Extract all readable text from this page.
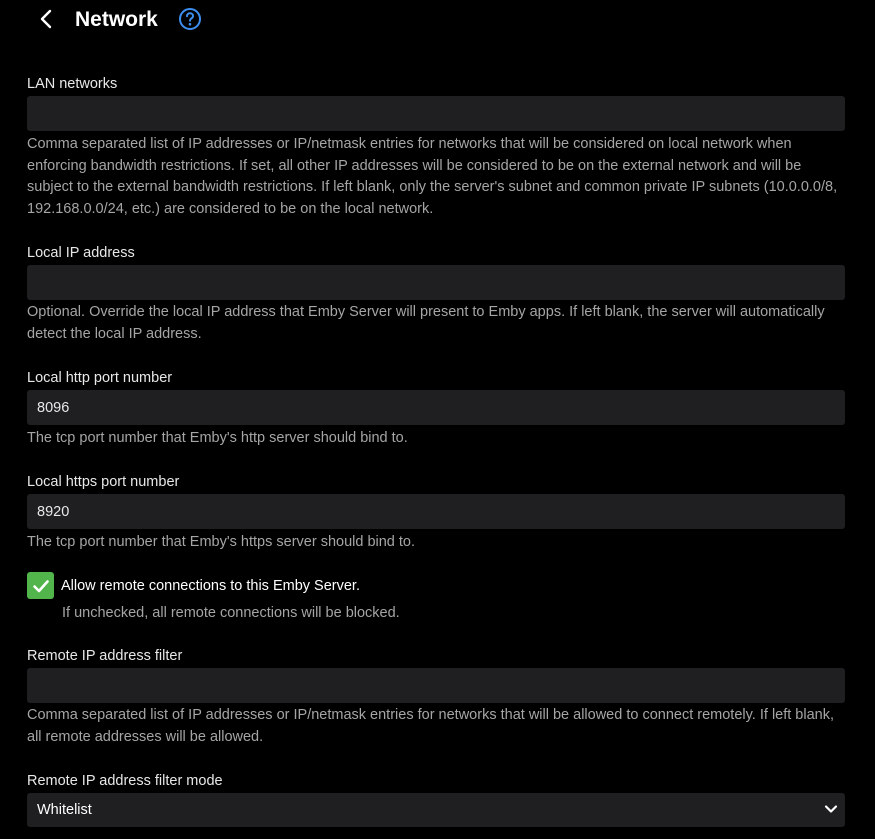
Network
LAN networks
Comma separated list of IP addresses or IP/netmask entries for networks that will be considered on local network when enforcing bandwidth restrictions. If set, all other IP addresses will be considered to be on the external network and will be subject to the external bandwidth restrictions. If left blank, only the server's subnet and common private IP subnets (10.0.0.0/8, 192.168.0.0/24, etc.) are considered to be on the local network.
Local IP address
Optional. Override the local IP address that Emby Server will present to Emby apps. If left blank, the server will automatically detect the local IP address.
Local http port number
8096
The tcp port number that Emby's http server should bind to.
Local https port number
8920
The tcp port number that Emby's https server should bind to.
Allow remote connections to this Emby Server.
If unchecked, all remote connections will be blocked.
Remote IP address filter
Comma separated list of IP addresses or IP/netmask entries for networks that will be allowed to connect remotely. If left blank, all remote addresses will be allowed.
Remote IP address filter mode
Whitelist
